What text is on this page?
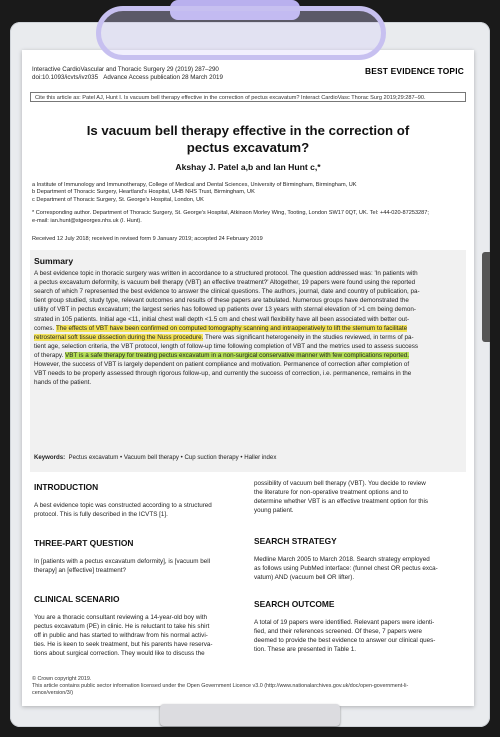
Interactive CardioVascular and Thoracic Surgery 29 (2019) 287–290
doi:10.1093/icvts/ivz035 Advance Access publication 28 March 2019
BEST EVIDENCE TOPIC
Cite this article as: Patel AJ, Hunt I. Is vacuum bell therapy effective in the correction of pectus excavatum? Interact CardioVasc Thorac Surg 2019;29:287–90.
Is vacuum bell therapy effective in the correction of
pectus excavatum?
Akshay J. Patel a,b and Ian Hunt c,*
a Institute of Immunology and Immunotherapy, College of Medical and Dental Sciences, University of Birmingham, Birmingham, UK
b Department of Thoracic Surgery, Heartland's Hospital, UHB NHS Trust, Birmingham, UK
c Department of Thoracic Surgery, St. George's Hospital, London, UK
* Corresponding author. Department of Thoracic Surgery, St. George's Hospital, Atkinson Morley Wing, Tooting, London SW17 0QT, UK. Tel: +44-020-87253287;
e-mail: ian.hunt@stgeorges.nhs.uk (I. Hunt).
Received 12 July 2018; received in revised form 9 January 2019; accepted 24 February 2019
Summary
A best evidence topic in thoracic surgery was written in accordance to a structured protocol. The question addressed was: 'In patients with
a pectus excavatum deformity, is vacuum bell therapy (VBT) an effective treatment?' Altogether, 19 papers were found using the reported
search of which 7 represented the best evidence to answer the clinical questions. The authors, journal, date and country of publication, pa-
tient group studied, study type, relevant outcomes and results of these papers are tabulated. Numerous groups have demonstrated the
utility of VBT in pectus excavatum; the largest series has followed up patients over 13 years with sternal elevation of >1 cm being demon-
strated in 105 patients. Initial age <11, initial chest wall depth <1.5 cm and chest wall flexibility have all been associated with better out-
comes. The effects of VBT have been confirmed on computed tomography scanning and intraoperatively to lift the sternum to facilitate
retrosternal soft tissue dissection during the Nuss procedure. There was significant heterogeneity in the studies reviewed, in terms of pa-
tient age, selection criteria, the VBT protocol, length of follow-up time following completion of VBT and the metrics used to assess success
of therapy. VBT is a safe therapy for treating pectus excavatum in a non-surgical conservative manner with few complications reported.
However, the success of VBT is largely dependent on patient compliance and motivation. Permanence of correction after completion of
VBT needs to be properly assessed through rigorous follow-up, and currently the success of correction, i.e. permanence, remains in the
hands of the patient.
Keywords: Pectus excavatum • Vacuum bell therapy • Cup suction therapy • Haller index
INTRODUCTION
A best evidence topic was constructed according to a structured
protocol. This is fully described in the ICVTS [1].
THREE-PART QUESTION
In [patients with a pectus excavatum deformity], is [vacuum bell
therapy] an [effective] treatment?
CLINICAL SCENARIO
You are a thoracic consultant reviewing a 14-year-old boy with
pectus excavatum (PE) in clinic. He is reluctant to take his shirt
off in public and has started to withdraw from his normal activi-
ties. He is keen to seek treatment, but his parents have reserva-
tions about surgical correction. They would like to discuss the
possibility of vacuum bell therapy (VBT). You decide to review
the literature for non-operative treatment options and to
determine whether VBT is an effective treatment option for this
young patient.
SEARCH STRATEGY
Medline March 2005 to March 2018. Search strategy employed
as follows using PubMed interface: (funnel chest OR pectus exca-
vatum) AND (vacuum bell OR lifter).
SEARCH OUTCOME
A total of 19 papers were identified. Relevant papers were identi-
fied, and their references screened. Of these, 7 papers were
deemed to provide the best evidence to answer our clinical ques-
tion. These are presented in Table 1.
© Crown copyright 2019.
This article contains public sector information licensed under the Open Government Licence v3.0 (http://www.nationalarchives.gov.uk/doc/open-government-li-
cence/version/3/)
